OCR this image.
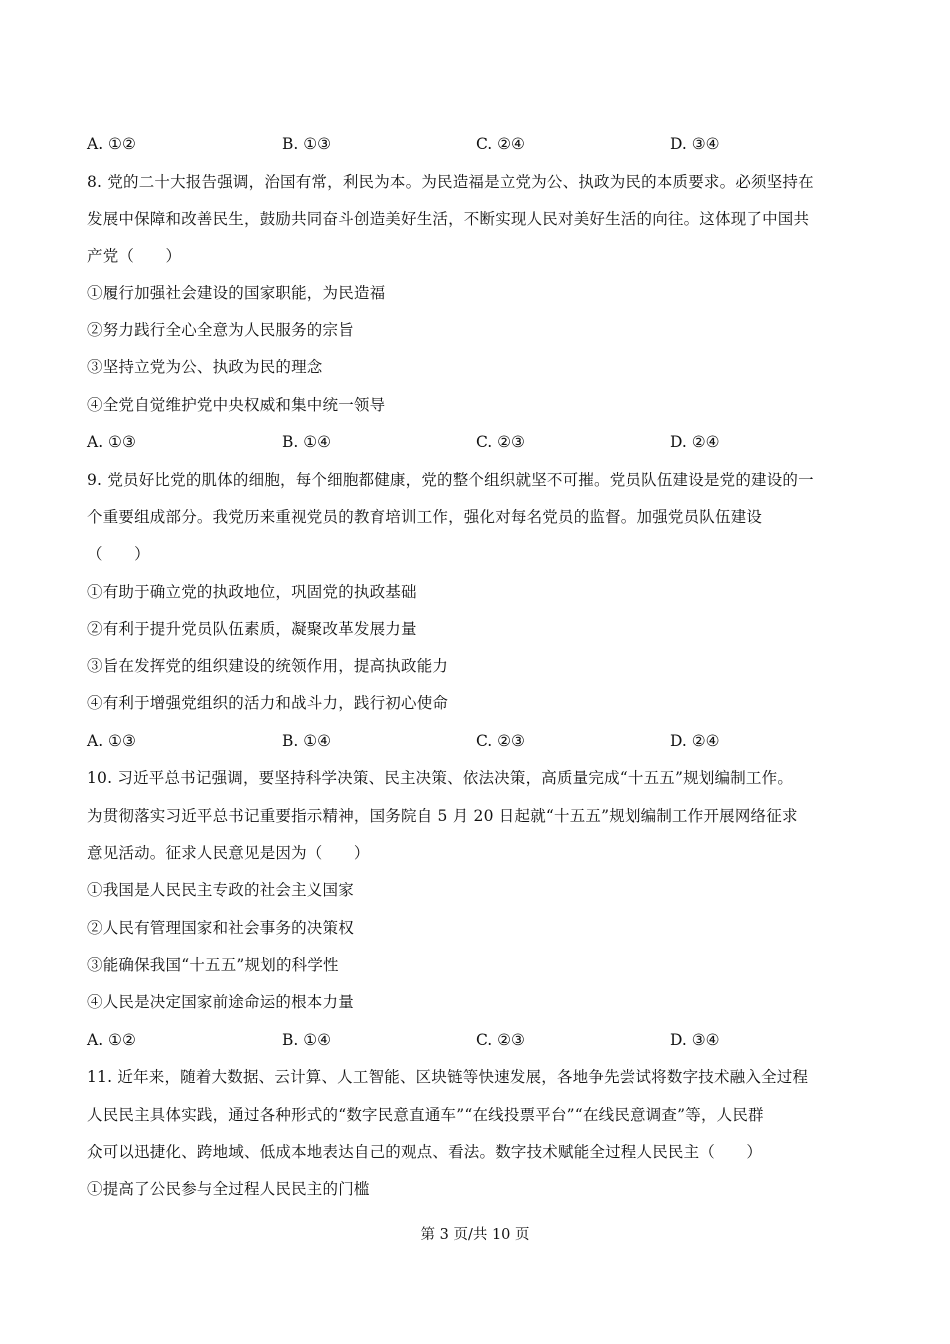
A. ①②	B. ①③	C. ②④	D. ③④
8. 党的二十大报告强调，治国有常，利民为本。为民造福是立党为公、执政为民的本质要求。必须坚持在
发展中保障和改善民生，鼓励共同奋斗创造美好生活，不断实现人民对美好生活的向往。这体现了中国共
产党（　　）
①履行加强社会建设的国家职能，为民造福
②努力践行全心全意为人民服务的宗旨
③坚持立党为公、执政为民的理念
④全党自觉维护党中央权威和集中统一领导
A. ①③	B. ①④	C. ②③	D. ②④
9. 党员好比党的肌体的细胞，每个细胞都健康，党的整个组织就坚不可摧。党员队伍建设是党的建设的一
个重要组成部分。我党历来重视党员的教育培训工作，强化对每名党员的监督。加强党员队伍建设
（　　）
①有助于确立党的执政地位，巩固党的执政基础
②有利于提升党员队伍素质，凝聚改革发展力量
③旨在发挥党的组织建设的统领作用，提高执政能力
④有利于增强党组织的活力和战斗力，践行初心使命
A. ①③	B. ①④	C. ②③	D. ②④
10. 习近平总书记强调，要坚持科学决策、民主决策、依法决策，高质量完成“十五五”规划编制工作。
为贯彻落实习近平总书记重要指示精神，国务院自 5 月 20 日起就“十五五”规划编制工作开展网络征求
意见活动。征求人民意见是因为（　　）
①我国是人民民主专政的社会主义国家
②人民有管理国家和社会事务的决策权
③能确保我国“十五五”规划的科学性
④人民是决定国家前途命运的根本力量
A. ①②	B. ①④	C. ②③	D. ③④
11. 近年来，随着大数据、云计算、人工智能、区块链等快速发展，各地争先尝试将数字技术融入全过程
人民民主具体实践，通过各种形式的“数字民意直通车”“在线投票平台”“在线民意调查”等，人民群
众可以迅捷化、跨地域、低成本地表达自己的观点、看法。数字技术赋能全过程人民民主（　　）
①提高了公民参与全过程人民民主的门槛
第 3 页/共 10 页
